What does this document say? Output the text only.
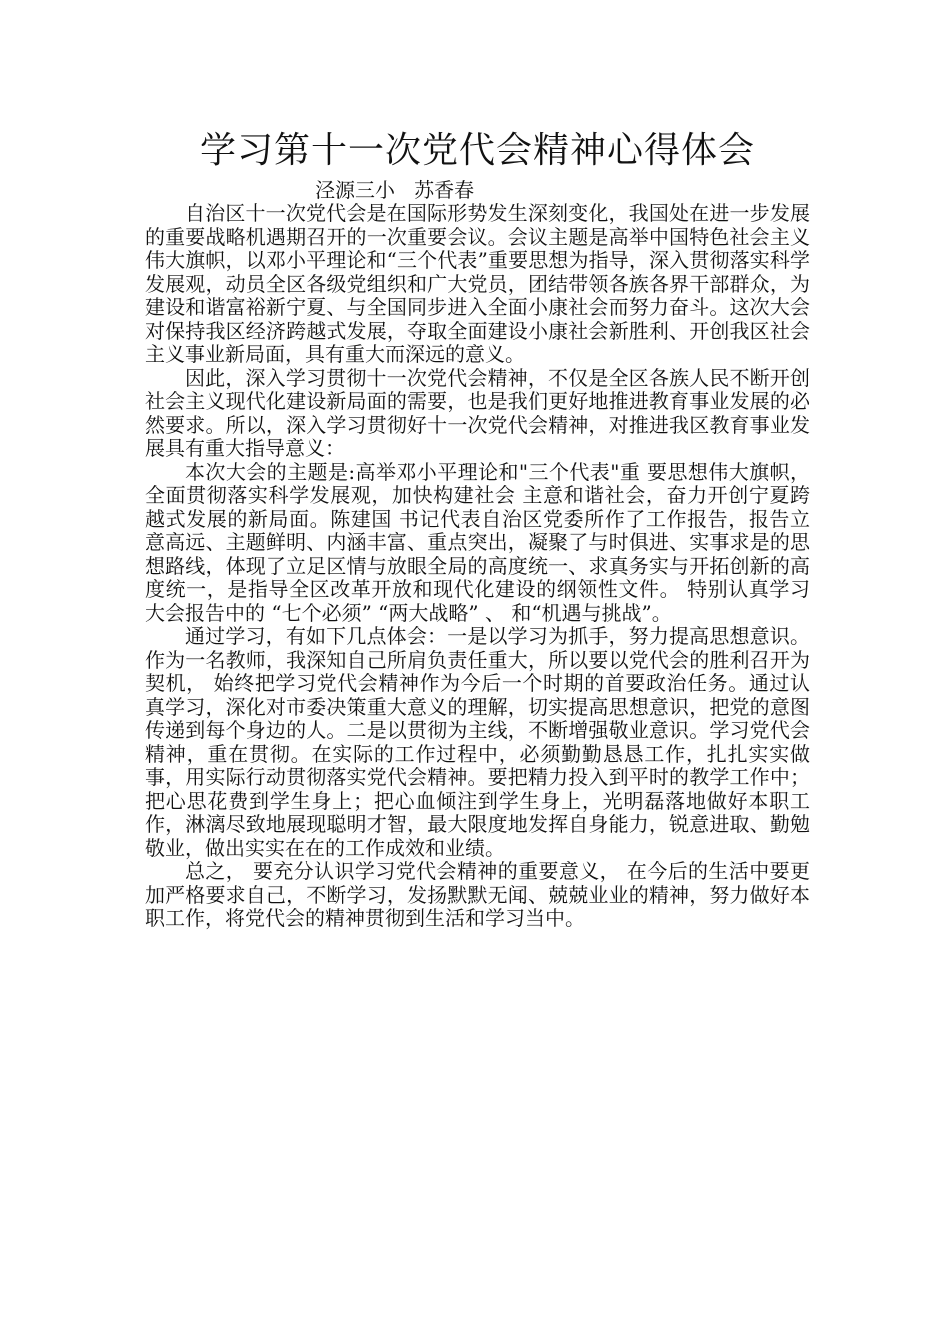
学习第十一次党代会精神心得体会

泾源三小   苏香春

自治区十一次党代会是在国际形势发生深刻变化，我国处在进一步发展的重要战略机遇期召开的一次重要会议。会议主题是高举中国特色社会主义伟大旗帜，以邓小平理论和“三个代表”重要思想为指导，深入贯彻落实科学发展观，动员全区各级党组织和广大党员，团结带领各族各界干部群众，为建设和谐富裕新宁夏、与全国同步进入全面小康社会而努力奋斗。这次大会对保持我区经济跨越式发展，夺取全面建设小康社会新胜利、开创我区社会主义事业新局面，具有重大而深远的意义。

因此，深入学习贯彻十一次党代会精神，不仅是全区各族人民不断开创社会主义现代化建设新局面的需要，也是我们更好地推进教育事业发展的必然要求。所以，深入学习贯彻好十一次党代会精神，对推进我区教育事业发展具有重大指导意义：

本次大会的主题是:高举邓小平理论和"三个代表"重 要思想伟大旗帜，全面贯彻落实科学发展观，加快构建社会 主意和谐社会，奋力开创宁夏跨越式发展的新局面。陈建国 书记代表自治区党委所作了工作报告，报告立意高远、主题鲜明、内涵丰富、重点突出，凝聚了与时俱进、实事求是的思想路线，体现了立足区情与放眼全局的高度统一、求真务实与开拓创新的高度统一，是指导全区改革开放和现代化建设的纲领性文件。 特别认真学习大会报告中的 “七个必须” “两大战略” 、 和“机遇与挑战”。

通过学习，有如下几点体会：一是以学习为抓手，努力提高思想意识。作为一名教师，我深知自己所肩负责任重大，所以要以党代会的胜利召开为契机， 始终把学习党代会精神作为今后一个时期的首要政治任务。通过认真学习，深化对市委决策重大意义的理解，切实提高思想意识，把党的意图传递到每个身边的人。二是以贯彻为主线，不断增强敬业意识。学习党代会精神，重在贯彻。在实际的工作过程中，必须勤勤恳恳工作，扎扎实实做事，用实际行动贯彻落实党代会精神。要把精力投入到平时的教学工作中；把心思花费到学生身上；把心血倾注到学生身上，光明磊落地做好本职工作，淋漓尽致地展现聪明才智，最大限度地发挥自身能力，锐意进取、勤勉敬业，做出实实在在的工作成效和业绩。

总之， 要充分认识学习党代会精神的重要意义， 在今后的生活中要更加严格要求自己，不断学习，发扬默默无闻、兢兢业业的精神，努力做好本职工作，将党代会的精神贯彻到生活和学习当中。
